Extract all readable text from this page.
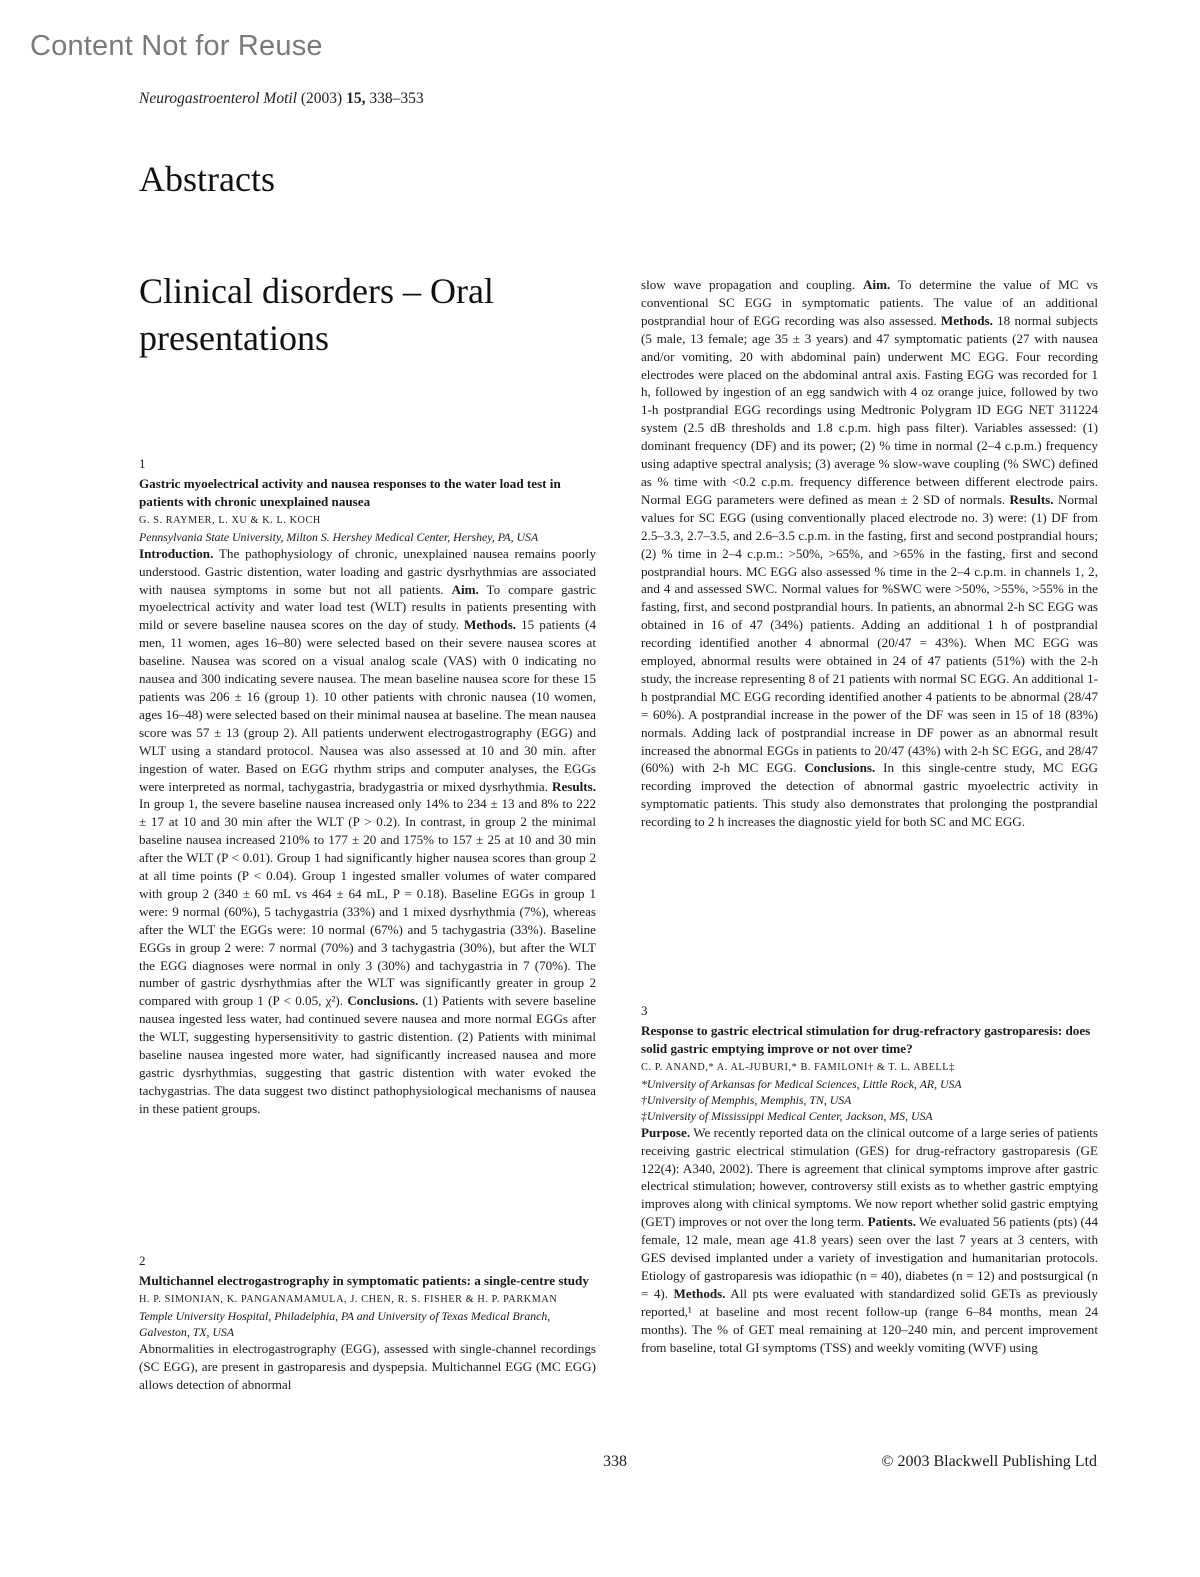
Content Not for Reuse
Neurogastroenterol Motil (2003) 15, 338–353
Abstracts
Clinical disorders – Oral presentations

1

Gastric myoelectrical activity and nausea responses to the water load test in patients with chronic unexplained nausea

G. S. RAYMER, L. XU & K. L. KOCH

Pennsylvania State University, Milton S. Hershey Medical Center, Hershey, PA, USA

Introduction. The pathophysiology of chronic, unexplained nausea remains poorly understood. Gastric distention, water loading and gastric dysrhythmias are associated with nausea symptoms in some but not all patients. Aim. To compare gastric myoelectrical activity and water load test (WLT) results in patients presenting with mild or severe baseline nausea scores on the day of study. Methods. 15 patients (4 men, 11 women, ages 16–80) were selected based on their severe nausea scores at baseline. Nausea was scored on a visual analog scale (VAS) with 0 indicating no nausea and 300 indicating severe nausea. The mean baseline nausea score for these 15 patients was 206 ± 16 (group 1). 10 other patients with chronic nausea (10 women, ages 16–48) were selected based on their minimal nausea at baseline. The mean nausea score was 57 ± 13 (group 2). All patients underwent electrogastrography (EGG) and WLT using a standard protocol. Nausea was also assessed at 10 and 30 min. after ingestion of water. Based on EGG rhythm strips and computer analyses, the EGGs were interpreted as normal, tachygastria, bradygastria or mixed dysrhythmia. Results. In group 1, the severe baseline nausea increased only 14% to 234 ± 13 and 8% to 222 ± 17 at 10 and 30 min after the WLT (P > 0.2). In contrast, in group 2 the minimal baseline nausea increased 210% to 177 ± 20 and 175% to 157 ± 25 at 10 and 30 min after the WLT (P < 0.01). Group 1 had significantly higher nausea scores than group 2 at all time points (P < 0.04). Group 1 ingested smaller volumes of water compared with group 2 (340 ± 60 mL vs 464 ± 64 mL, P = 0.18). Baseline EGGs in group 1 were: 9 normal (60%), 5 tachygastria (33%) and 1 mixed dysrhythmia (7%), whereas after the WLT the EGGs were: 10 normal (67%) and 5 tachygastria (33%). Baseline EGGs in group 2 were: 7 normal (70%) and 3 tachygastria (30%), but after the WLT the EGG diagnoses were normal in only 3 (30%) and tachygastria in 7 (70%). The number of gastric dysrhythmias after the WLT was significantly greater in group 2 compared with group 1 (P < 0.05, χ²). Conclusions. (1) Patients with severe baseline nausea ingested less water, had continued severe nausea and more normal EGGs after the WLT, suggesting hypersensitivity to gastric distention. (2) Patients with minimal baseline nausea ingested more water, had significantly increased nausea and more gastric dysrhythmias, suggesting that gastric distention with water evoked the tachygastrias. The data suggest two distinct pathophysiological mechanisms of nausea in these patient groups.

2

Multichannel electrogastrography in symptomatic patients: a single-centre study

H. P. SIMONIAN, K. PANGANAMAMULA, J. CHEN, R. S. FISHER & H. P. PARKMAN

Temple University Hospital, Philadelphia, PA and University of Texas Medical Branch, Galveston, TX, USA

Abnormalities in electrogastrography (EGG), assessed with single-channel recordings (SC EGG), are present in gastroparesis and dyspepsia. Multichannel EGG (MC EGG) allows detection of abnormal

slow wave propagation and coupling. Aim. To determine the value of MC vs conventional SC EGG in symptomatic patients. The value of an additional postprandial hour of EGG recording was also assessed. Methods. 18 normal subjects (5 male, 13 female; age 35 ± 3 years) and 47 symptomatic patients (27 with nausea and/or vomiting, 20 with abdominal pain) underwent MC EGG. Four recording electrodes were placed on the abdominal antral axis. Fasting EGG was recorded for 1 h, followed by ingestion of an egg sandwich with 4 oz orange juice, followed by two 1-h postprandial EGG recordings using Medtronic Polygram ID EGG NET 311224 system (2.5 dB thresholds and 1.8 c.p.m. high pass filter). Variables assessed: (1) dominant frequency (DF) and its power; (2) % time in normal (2–4 c.p.m.) frequency using adaptive spectral analysis; (3) average % slow-wave coupling (% SWC) defined as % time with <0.2 c.p.m. frequency difference between different electrode pairs. Normal EGG parameters were defined as mean ± 2 SD of normals. Results. Normal values for SC EGG (using conventionally placed electrode no. 3) were: (1) DF from 2.5–3.3, 2.7–3.5, and 2.6–3.5 c.p.m. in the fasting, first and second postprandial hours; (2) % time in 2–4 c.p.m.: >50%, >65%, and >65% in the fasting, first and second postprandial hours. MC EGG also assessed % time in the 2–4 c.p.m. in channels 1, 2, and 4 and assessed SWC. Normal values for %SWC were >50%, >55%, >55% in the fasting, first, and second postprandial hours. In patients, an abnormal 2-h SC EGG was obtained in 16 of 47 (34%) patients. Adding an additional 1 h of postprandial recording identified another 4 abnormal (20/47 = 43%). When MC EGG was employed, abnormal results were obtained in 24 of 47 patients (51%) with the 2-h study, the increase representing 8 of 21 patients with normal SC EGG. An additional 1-h postprandial MC EGG recording identified another 4 patients to be abnormal (28/47 = 60%). A postprandial increase in the power of the DF was seen in 15 of 18 (83%) normals. Adding lack of postprandial increase in DF power as an abnormal result increased the abnormal EGGs in patients to 20/47 (43%) with 2-h SC EGG, and 28/47 (60%) with 2-h MC EGG. Conclusions. In this single-centre study, MC EGG recording improved the detection of abnormal gastric myoelectric activity in symptomatic patients. This study also demonstrates that prolonging the postprandial recording to 2 h increases the diagnostic yield for both SC and MC EGG.

3

Response to gastric electrical stimulation for drug-refractory gastroparesis: does solid gastric emptying improve or not over time?

C. P. ANAND,* A. AL-JUBURI,* B. FAMILONI† & T. L. ABELL‡

*University of Arkansas for Medical Sciences, Little Rock, AR, USA

†University of Memphis, Memphis, TN, USA

‡University of Mississippi Medical Center, Jackson, MS, USA

Purpose. We recently reported data on the clinical outcome of a large series of patients receiving gastric electrical stimulation (GES) for drug-refractory gastroparesis (GE 122(4): A340, 2002). There is agreement that clinical symptoms improve after gastric electrical stimulation; however, controversy still exists as to whether gastric emptying improves along with clinical symptoms. We now report whether solid gastric emptying (GET) improves or not over the long term. Patients. We evaluated 56 patients (pts) (44 female, 12 male, mean age 41.8 years) seen over the last 7 years at 3 centers, with GES devised implanted under a variety of investigation and humanitarian protocols. Etiology of gastroparesis was idiopathic (n = 40), diabetes (n = 12) and postsurgical (n = 4). Methods. All pts were evaluated with standardized solid GETs as previously reported,¹ at baseline and most recent follow-up (range 6–84 months, mean 24 months). The % of GET meal remaining at 120–240 min, and percent improvement from baseline, total GI symptoms (TSS) and weekly vomiting (WVF) using

338	© 2003 Blackwell Publishing Ltd
